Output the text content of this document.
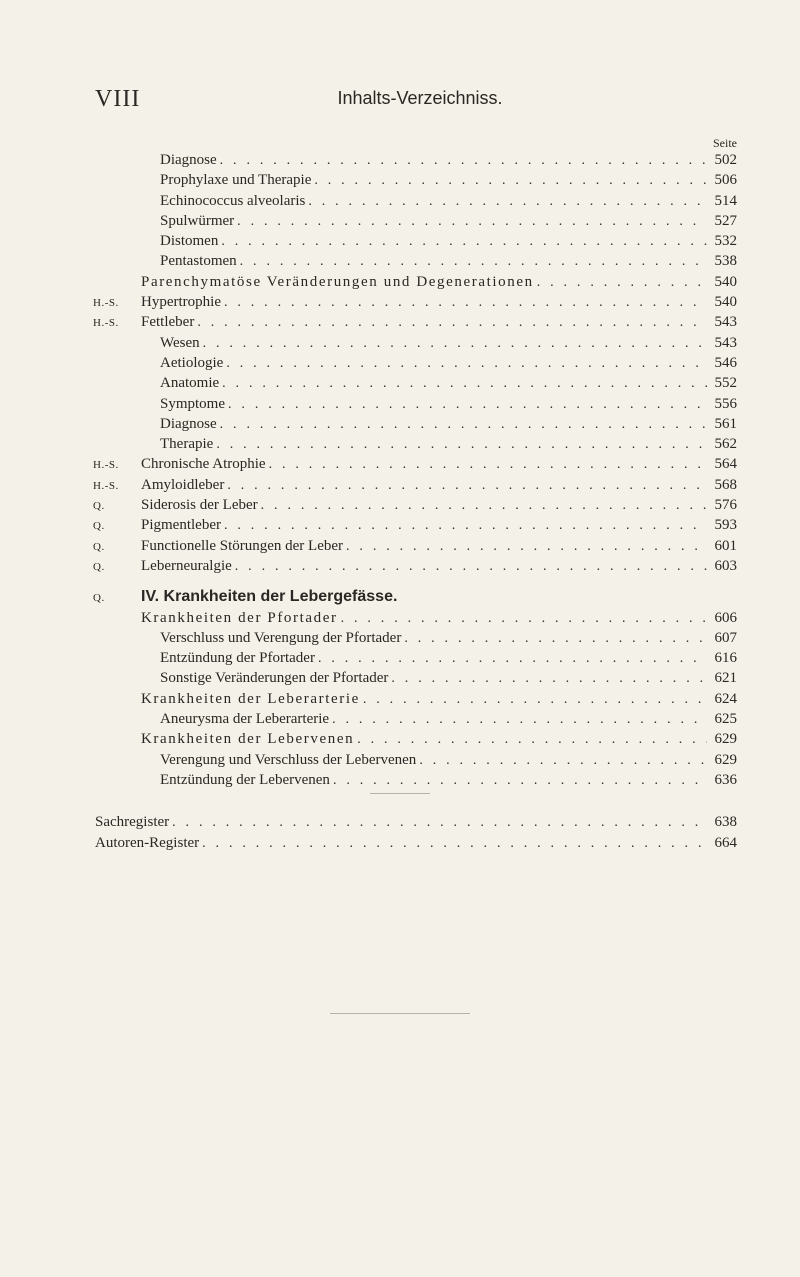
VIII	Inhalts-Verzeichniss.
Seite
Diagnose . . .	502
Prophylaxe und Therapie . . .	506
Echinococcus alveolaris . . .	514
Spulwürmer . . .	527
Distomen . . .	532
Pentastomen . . .	538
Parenchymatöse Veränderungen und Degenerationen . . .	540
H.-S. Hypertrophie . . .	540
H.-S. Fettleber . . .	543
Wesen . . .	543
Aetiologie . . .	546
Anatomie . . .	552
Symptome . . .	556
Diagnose . . .	561
Therapie . . .	562
H.-S. Chronische Atrophie . . .	564
H.-S. Amyloidleber . . .	568
Q. Siderosis der Leber . . .	576
Q. Pigmentleber . . .	593
Q. Functionelle Störungen der Leber . . .	601
Q. Leberneuralgie . . .	603
Q. IV. Krankheiten der Lebergefässe.
Krankheiten der Pfortader . . .	606
Verschluss und Verengung der Pfortader . . .	607
Entzündung der Pfortader . . .	616
Sonstige Veränderungen der Pfortader . . .	621
Krankheiten der Leberarterie . . .	624
Aneurysma der Leberarterie . . .	625
Krankheiten der Lebervenen . . .	629
Verengung und Verschluss der Lebervenen . . .	629
Entzündung der Lebervenen . . .	636
Sachregister . . .	638
Autoren-Register . . .	664
